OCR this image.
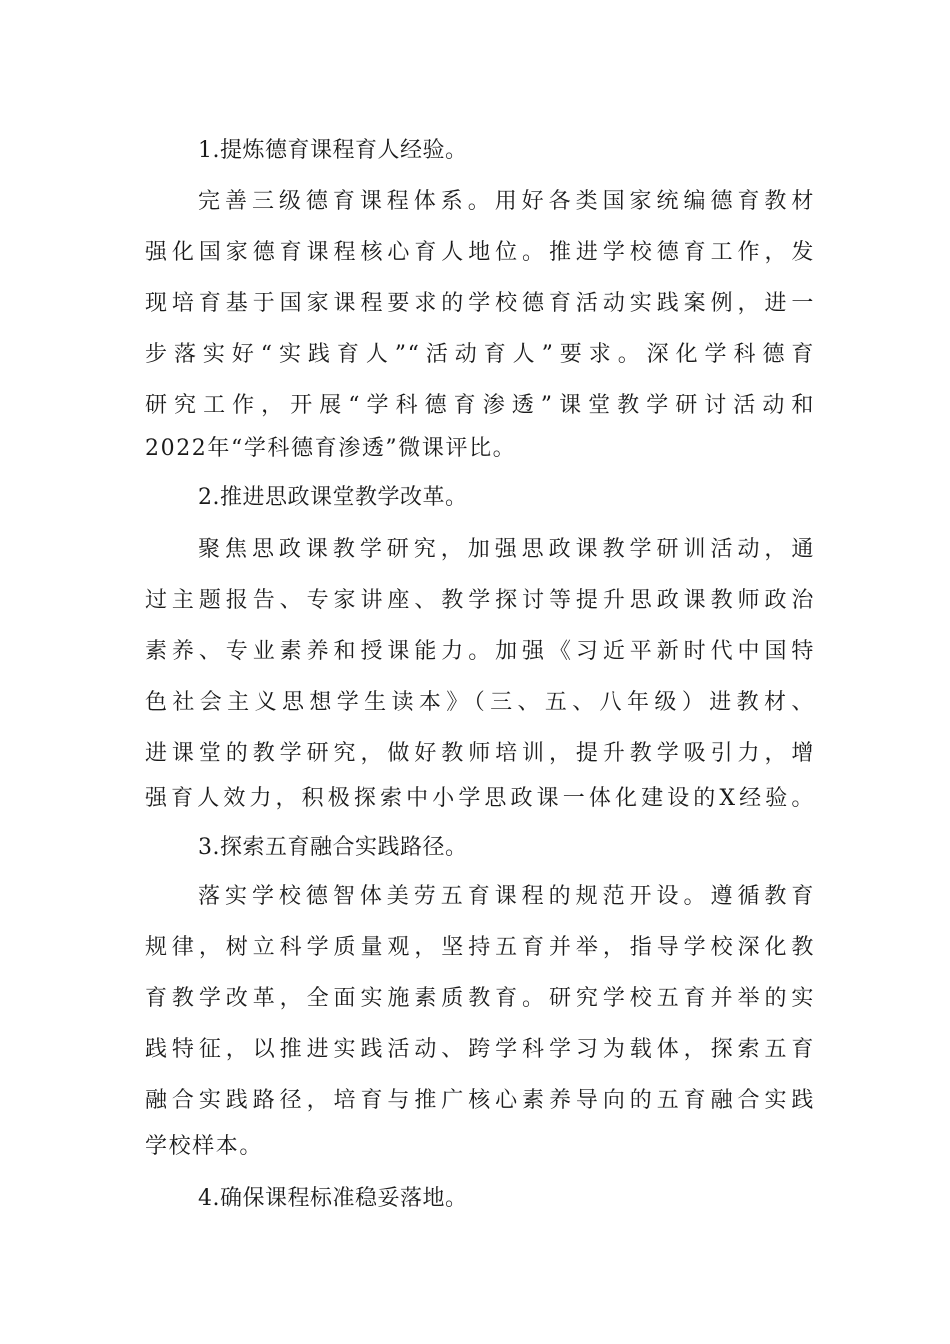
1.提炼德育课程育人经验。
完善三级德育课程体系。用好各类国家统编德育教材
强化国家德育课程核心育人地位。推进学校德育工作，发
现培育基于国家课程要求的学校德育活动实践案例，进一
步落实好“实践育人”“活动育人”要求。深化学科德育
研究工作，开展“学科德育渗透”课堂教学研讨活动和
2022年“学科德育渗透”微课评比。
2.推进思政课堂教学改革。
聚焦思政课教学研究，加强思政课教学研训活动，通
过主题报告、专家讲座、教学探讨等提升思政课教师政治
素养、专业素养和授课能力。加强《习近平新时代中国特
色社会主义思想学生读本》（三、五、八年级）进教材、
进课堂的教学研究，做好教师培训，提升教学吸引力，增
强育人效力，积极探索中小学思政课一体化建设的X经验。
3.探索五育融合实践路径。
落实学校德智体美劳五育课程的规范开设。遵循教育
规律，树立科学质量观，坚持五育并举，指导学校深化教
育教学改革，全面实施素质教育。研究学校五育并举的实
践特征，以推进实践活动、跨学科学习为载体，探索五育
融合实践路径，培育与推广核心素养导向的五育融合实践
学校样本。
4.确保课程标准稳妥落地。
